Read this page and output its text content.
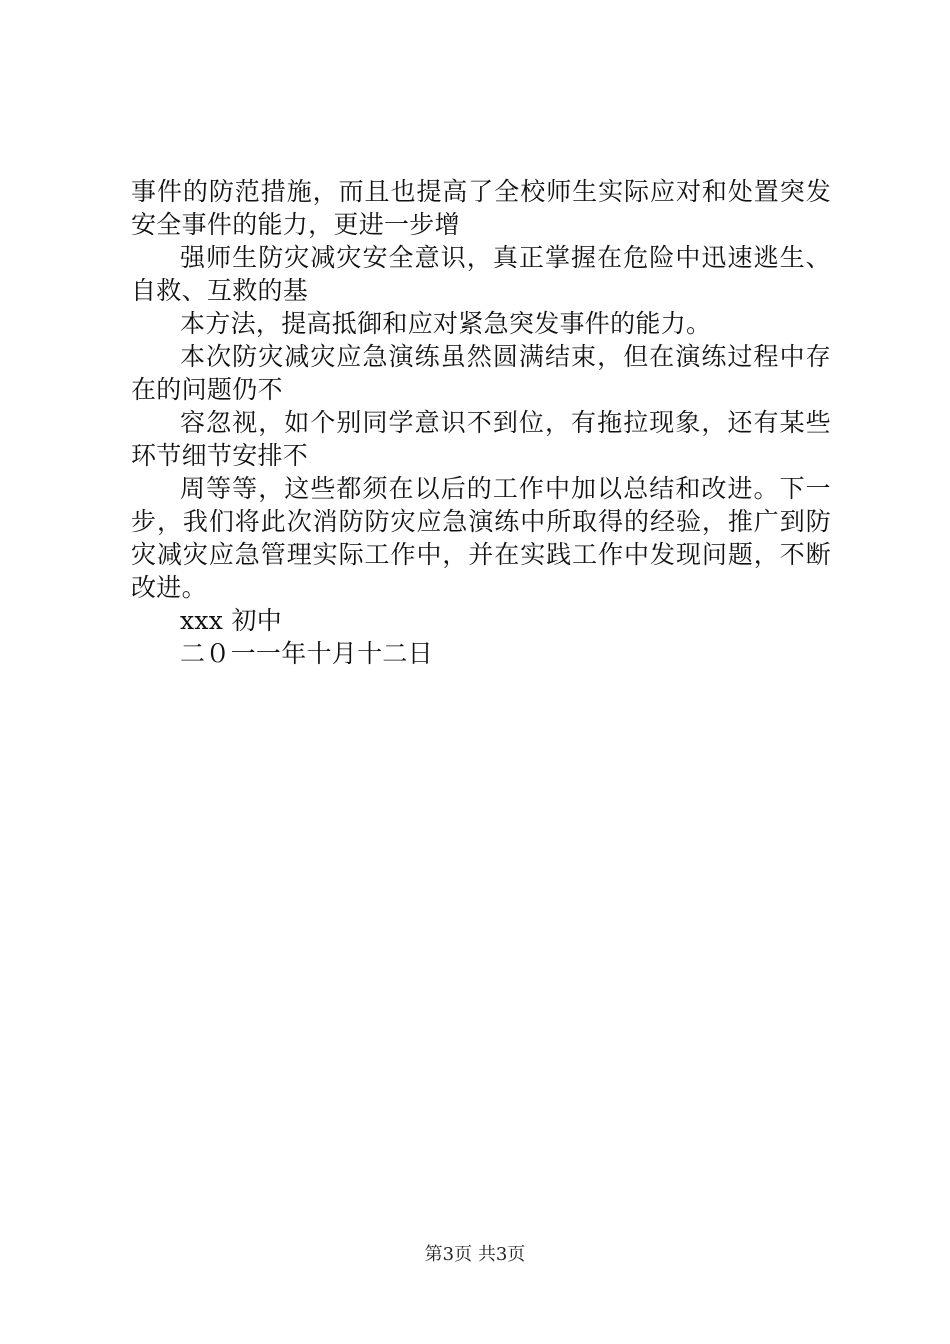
事件的防范措施，而且也提高了全校师生实际应对和处置突发
安全事件的能力，更进一步增
强师生防灾减灾安全意识，真正掌握在危险中迅速逃生、
自救、互救的基
本方法，提高抵御和应对紧急突发事件的能力。
本次防灾减灾应急演练虽然圆满结束，但在演练过程中存
在的问题仍不
容忽视，如个别同学意识不到位，有拖拉现象，还有某些
环节细节安排不
周等等，这些都须在以后的工作中加以总结和改进。下一
步，我们将此次消防防灾应急演练中所取得的经验，推广到防
灾减灾应急管理实际工作中，并在实践工作中发现问题，不断
改进。
xxx 初中
二０一一年十月十二日
第3页 共3页
